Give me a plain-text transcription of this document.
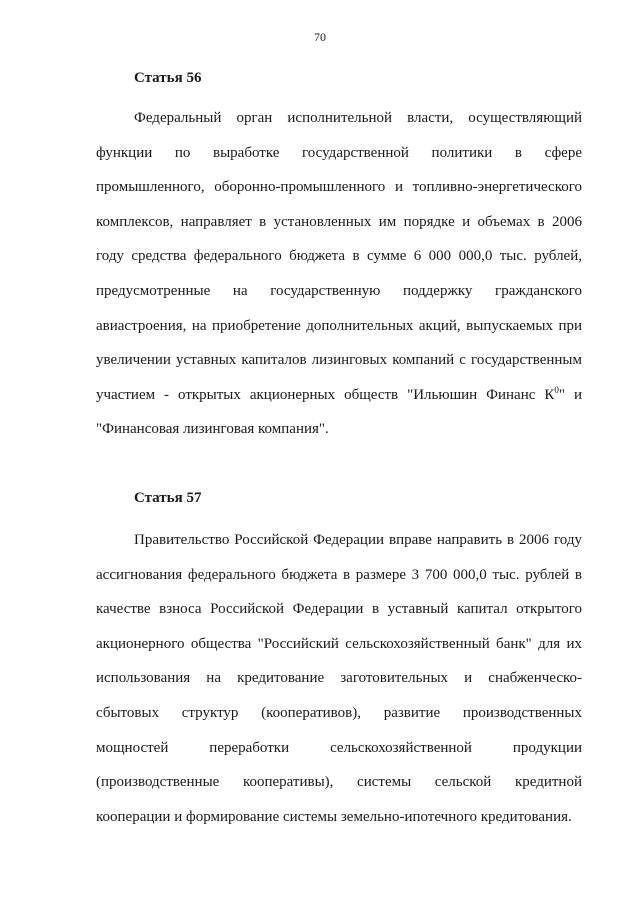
70
Статья 56
Федеральный орган исполнительной власти, осуществляющий
функции по выработке государственной политики в сфере
промышленного, оборонно-промышленного и топливно-энергетического
комплексов, направляет в установленных им порядке и объемах в 2006
году средства федерального бюджета в сумме 6 000 000,0 тыс. рублей,
предусмотренные на государственную поддержку гражданского
авиастроения, на приобретение дополнительных акций, выпускаемых при
увеличении уставных капиталов лизинговых компаний с государственным
участием - открытых акционерных обществ "Ильюшин Финанс $К^0$" и
"Финансовая лизинговая компания".
Статья 57
Правительство Российской Федерации вправе направить в 2006 году
ассигнования федерального бюджета в размере 3 700 000,0 тыс. рублей в
качестве взноса Российской Федерации в уставный капитал открытого
акционерного общества "Российский сельскохозяйственный банк" для их
использования на кредитование заготовительных и снабженческо-
сбытовых структур (кооперативов), развитие производственных
мощностей переработки сельскохозяйственной продукции
(производственные кооперативы), системы сельской кредитной
кооперации и формирование системы земельно-ипотечного кредитования.
